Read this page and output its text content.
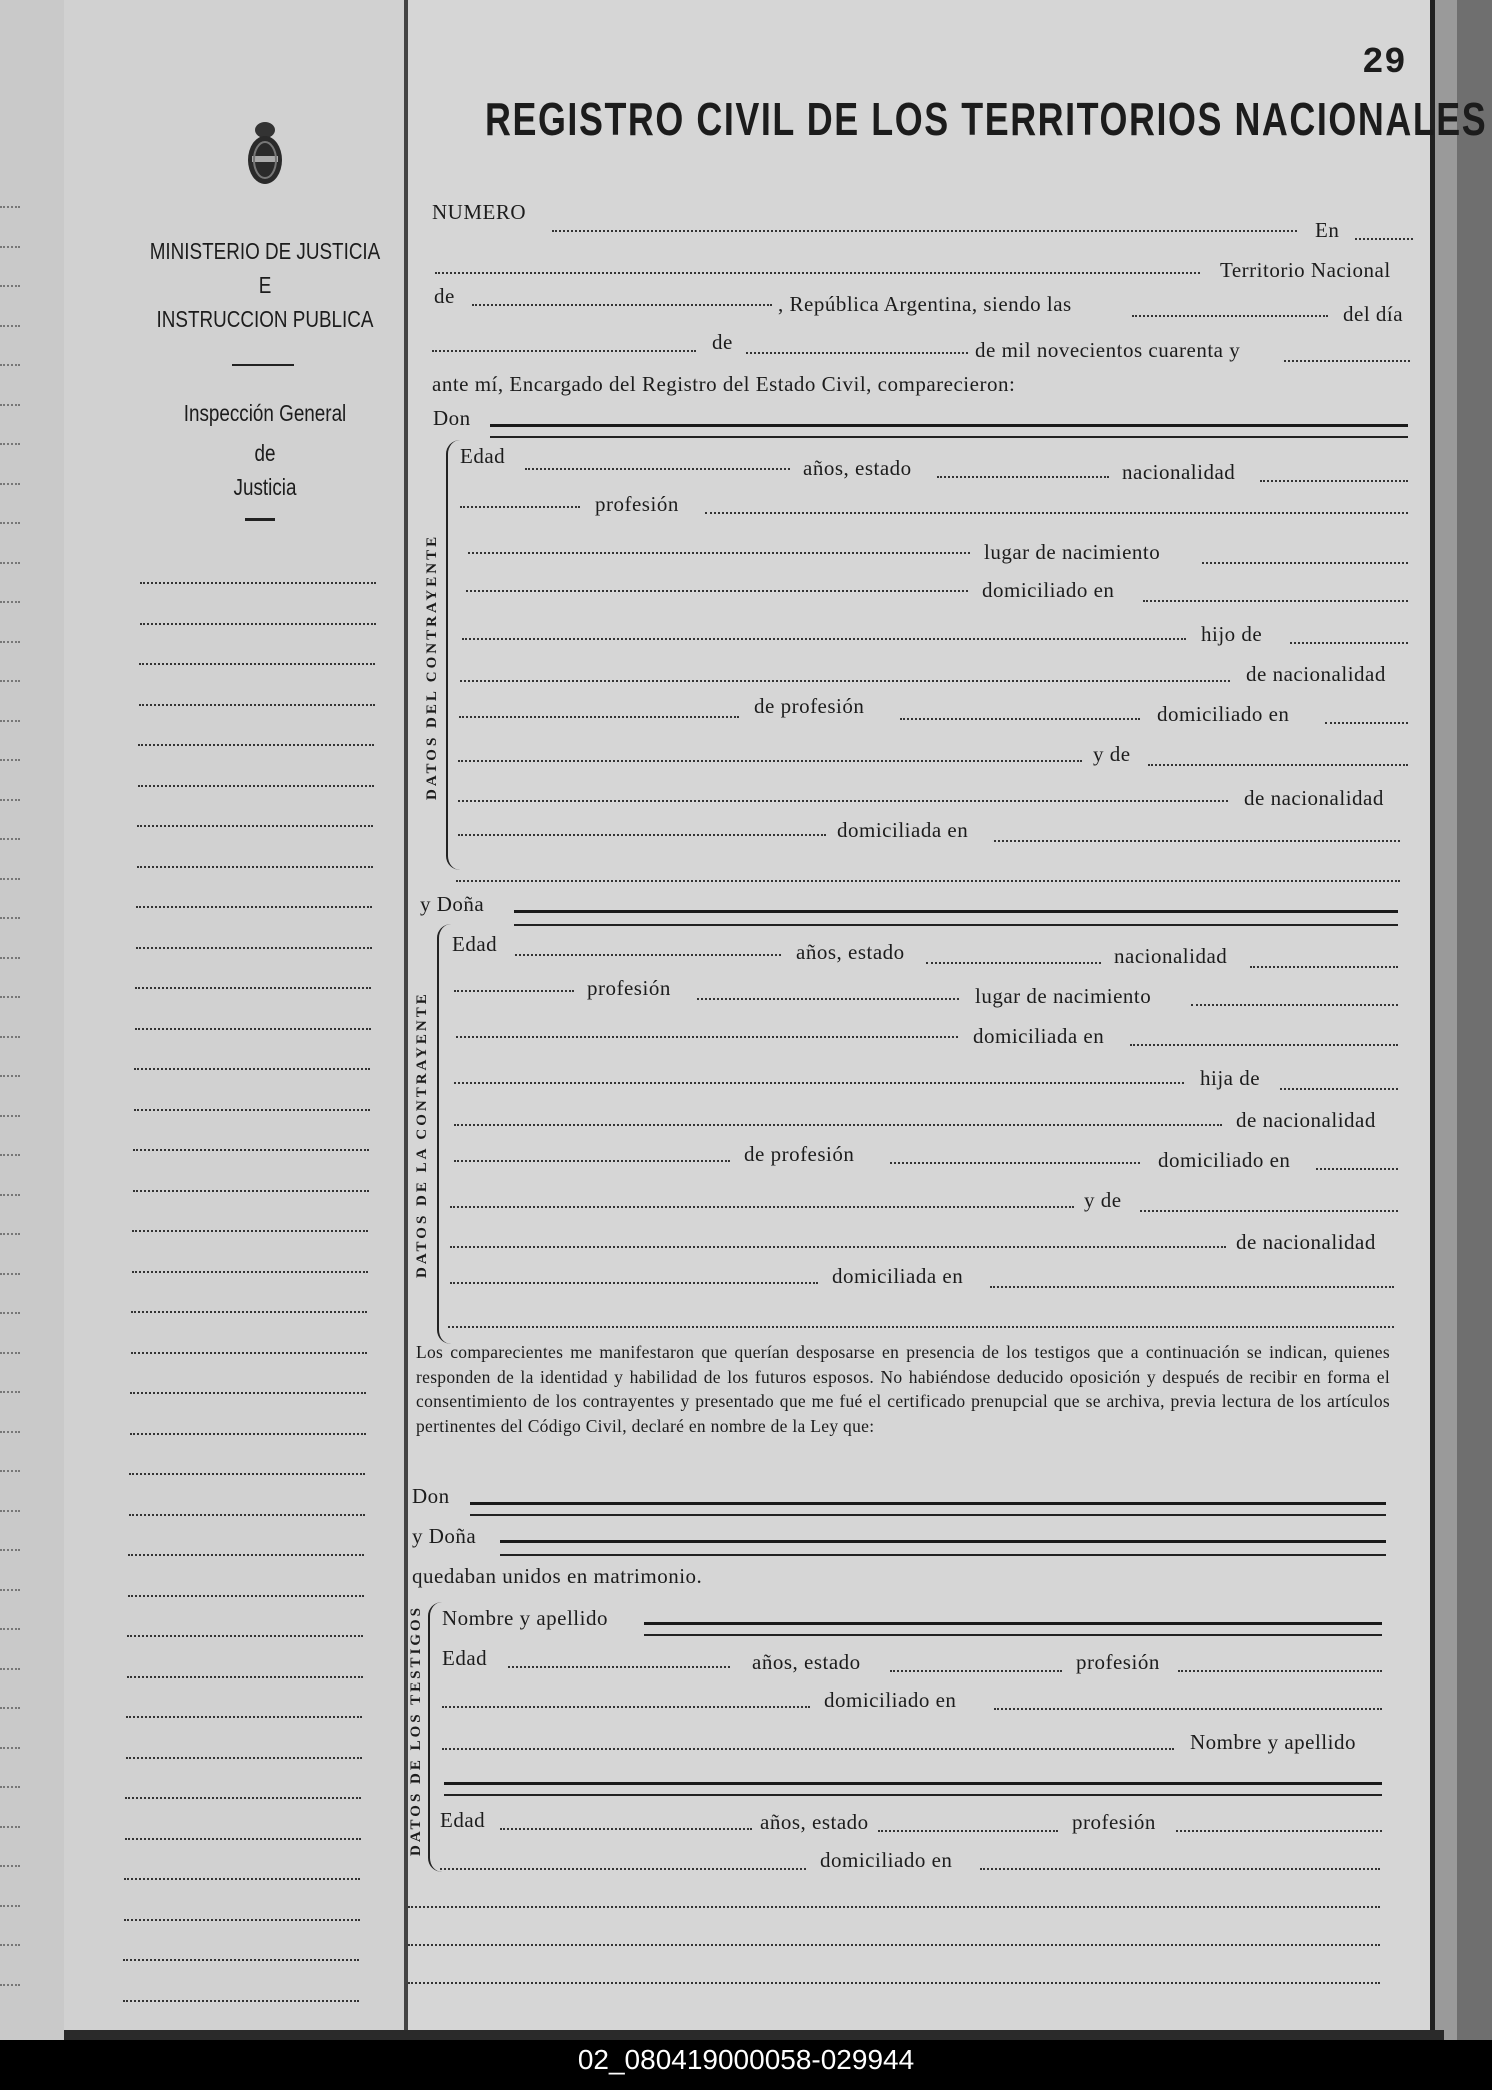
29
REGISTRO CIVIL DE LOS TERRITORIOS NACIONALES
MINISTERIO DE JUSTICIA
E
INSTRUCCION PUBLICA
Inspección General
de
Justicia
NUMERO
En
Territorio Nacional
de	, República Argentina, siendo las	del día
de	de mil novecientos cuarenta y
ante mí, Encargado del Registro del Estado Civil, comparecieron:
Don
DATOS DEL CONTRAYENTE
Edad	años, estado	nacionalidad
profesión
lugar de nacimiento
domiciliado en
hijo de
de nacionalidad
de profesión	domiciliado en
y de
de nacionalidad
domiciliada en
y Doña
DATOS DE LA CONTRAYENTE
Edad	años, estado	nacionalidad
profesión	lugar de nacimiento
domiciliada en
hija de
de nacionalidad
de profesión	domiciliado en
y de
de nacionalidad
domiciliada en
Los comparecientes me manifestaron que querían desposarse en presencia de los testigos que a continuación se indican, quienes responden de la identidad y habilidad de los futuros esposos. No habiéndose deducido oposición y después de recibir en forma el consentimiento de los contrayentes y presentado que me fué el certificado prenupcial que se archiva, previa lectura de los artículos pertinentes del Código Civil, declaré en nombre de la Ley que:
Don
y Doña
quedaban unidos en matrimonio.
DATOS DE LOS TESTIGOS Nombre y apellido
Edad	años, estado	profesión
domiciliado en
Nombre y apellido
Edad	años, estado	profesión
domiciliado en
02_080419000058-029944
